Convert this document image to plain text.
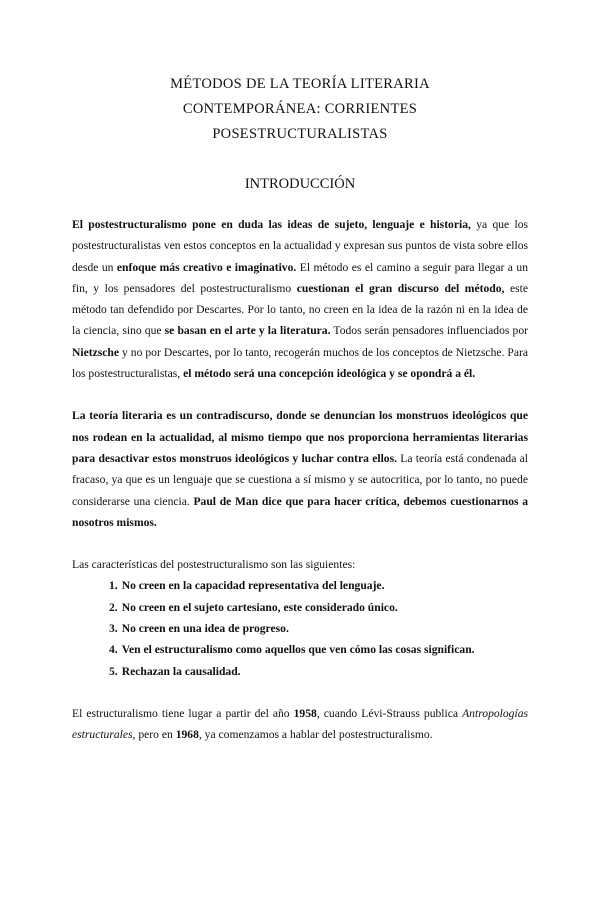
MÉTODOS DE LA TEORÍA LITERARIA
CONTEMPORÁNEA: CORRIENTES
POSESTRUCTURALISTAS
INTRODUCCIÓN

El postestructuralismo pone en duda las ideas de sujeto, lenguaje e historia, ya que los postestructuralistas ven estos conceptos en la actualidad y expresan sus puntos de vista sobre ellos desde un enfoque más creativo e imaginativo. El método es el camino a seguir para llegar a un fin, y los pensadores del postestructuralismo cuestionan el gran discurso del método, este método tan defendido por Descartes. Por lo tanto, no creen en la idea de la razón ni en la idea de la ciencia, sino que se basan en el arte y la literatura. Todos serán pensadores influenciados por Nietzsche y no por Descartes, por lo tanto, recogerán muchos de los conceptos de Nietzsche. Para los postestructuralistas, el método será una concepción ideológica y se opondrá a él.

La teoría literaria es un contradiscurso, donde se denuncian los monstruos ideológicos que nos rodean en la actualidad, al mismo tiempo que nos proporciona herramientas literarias para desactivar estos monstruos ideológicos y luchar contra ellos. La teoría está condenada al fracaso, ya que es un lenguaje que se cuestiona a sí mismo y se autocritica, por lo tanto, no puede considerarse una ciencia. Paul de Man dice que para hacer crítica, debemos cuestionarnos a nosotros mismos.

Las características del postestructuralismo son las siguientes:

1. No creen en la capacidad representativa del lenguaje.
2. No creen en el sujeto cartesiano, este considerado único.
3. No creen en una idea de progreso.
4. Ven el estructuralismo como aquellos que ven cómo las cosas significan.
5. Rechazan la causalidad.

El estructuralismo tiene lugar a partir del año 1958, cuando Lévi-Strauss publica Antropologías estructurales, pero en 1968, ya comenzamos a hablar del postestructuralismo.
